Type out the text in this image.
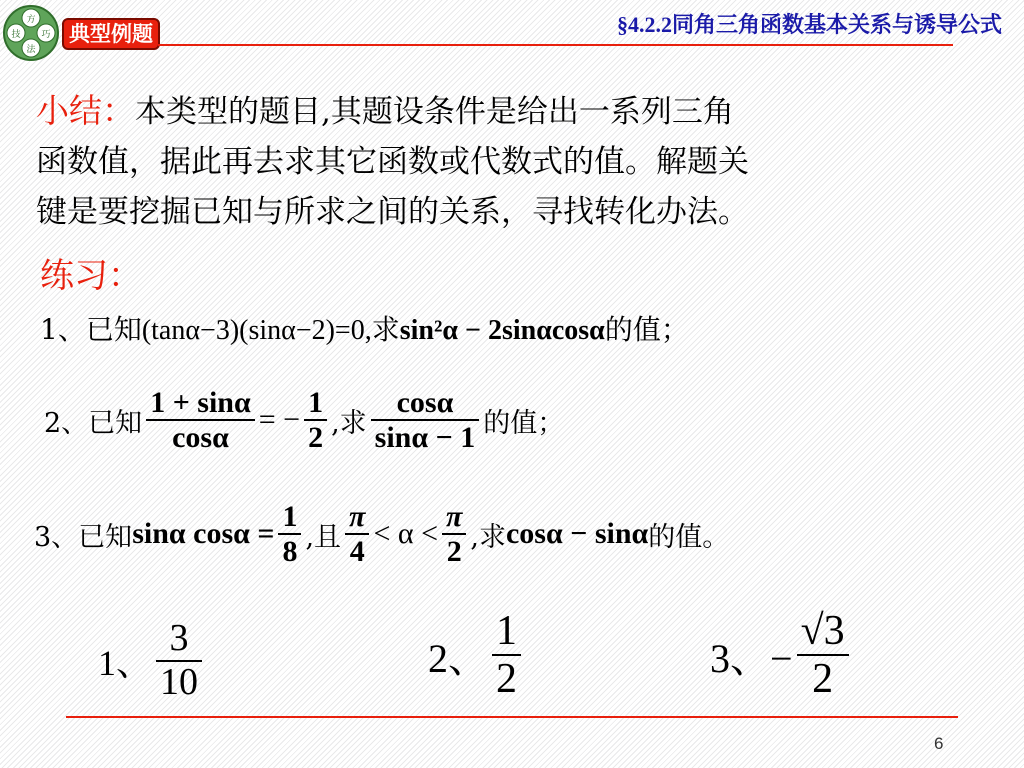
方
技 巧
法
典型例题	§4.2.2同角三角函数基本关系与诱导公式
小结：本类型的题目,其题设条件是给出一系列三角
函数值，据此再去求其它函数或代数式的值。解题关
键是要挖掘已知与所求之间的关系，寻找转化办法。
练习：
1、已知(tanα−3)(sinα−2)=0,求sin²α − 2sinαcosα的值；
2、已知 $\frac{1 + \sin\alpha}{\cos\alpha}$ = − $\frac{1}{2}$ ,求 $\frac{\cos\alpha}{\sin\alpha - 1}$ 的值；
3、已知 sinα $\cos\alpha = \frac{1}{8}$ ,且 $\frac{\pi}{4} < \alpha < \frac{\pi}{2}$ ,求 cosα − sinα 的值。
1、 $\frac{3}{10}$	2、 $\frac{1}{2}$	3、− $\frac{√3}{2}$
6
